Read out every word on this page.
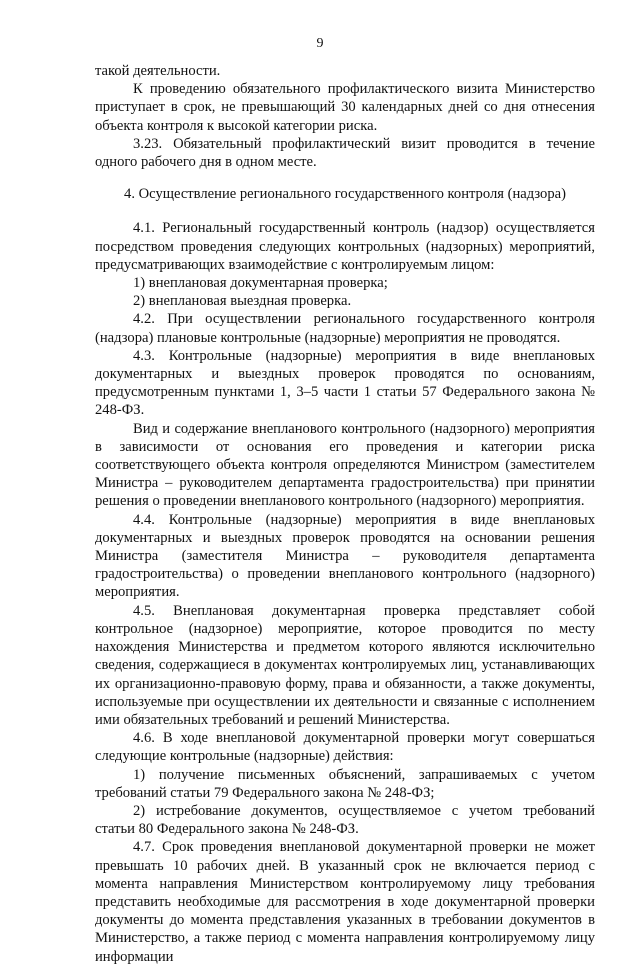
9

такой деятельности.

К проведению обязательного профилактического визита Министерство приступает в срок, не превышающий 30 календарных дней со дня отнесения объекта контроля к высокой категории риска.

3.23. Обязательный профилактический визит проводится в течение одного рабочего дня в одном месте.

4. Осуществление регионального государственного контроля (надзора)

4.1. Региональный государственный контроль (надзор) осуществляется посредством проведения следующих контрольных (надзорных) мероприятий, предусматривающих взаимодействие с контролируемым лицом:

1) внеплановая документарная проверка;

2) внеплановая выездная проверка.

4.2. При осуществлении регионального государственного контроля (надзора) плановые контрольные (надзорные) мероприятия не проводятся.

4.3. Контрольные (надзорные) мероприятия в виде внеплановых документарных и выездных проверок проводятся по основаниям, предусмотренным пунктами 1, 3–5 части 1 статьи 57 Федерального закона № 248-ФЗ.

Вид и содержание внепланового контрольного (надзорного) мероприятия в зависимости от основания его проведения и категории риска соответствующего объекта контроля определяются Министром (заместителем Министра – руководителем департамента градостроительства) при принятии решения о проведении внепланового контрольного (надзорного) мероприятия.

4.4. Контрольные (надзорные) мероприятия в виде внеплановых документарных и выездных проверок проводятся на основании решения Министра (заместителя Министра – руководителя департамента градостроительства) о проведении внепланового контрольного (надзорного) мероприятия.

4.5. Внеплановая документарная проверка представляет собой контрольное (надзорное) мероприятие, которое проводится по месту нахождения Министерства и предметом которого являются исключительно сведения, содержащиеся в документах контролируемых лиц, устанавливающих их организационно-правовую форму, права и обязанности, а также документы, используемые при осуществлении их деятельности и связанные с исполнением ими обязательных требований и решений Министерства.

4.6. В ходе внеплановой документарной проверки могут совершаться следующие контрольные (надзорные) действия:

1) получение письменных объяснений, запрашиваемых с учетом требований статьи 79 Федерального закона № 248-ФЗ;

2) истребование документов, осуществляемое с учетом требований статьи 80 Федерального закона № 248-ФЗ.

4.7. Срок проведения внеплановой документарной проверки не может превышать 10 рабочих дней. В указанный срок не включается период с момента направления Министерством контролируемому лицу требования представить необходимые для рассмотрения в ходе документарной проверки документы до момента представления указанных в требовании документов в Министерство, а также период с момента направления контролируемому лицу информации
